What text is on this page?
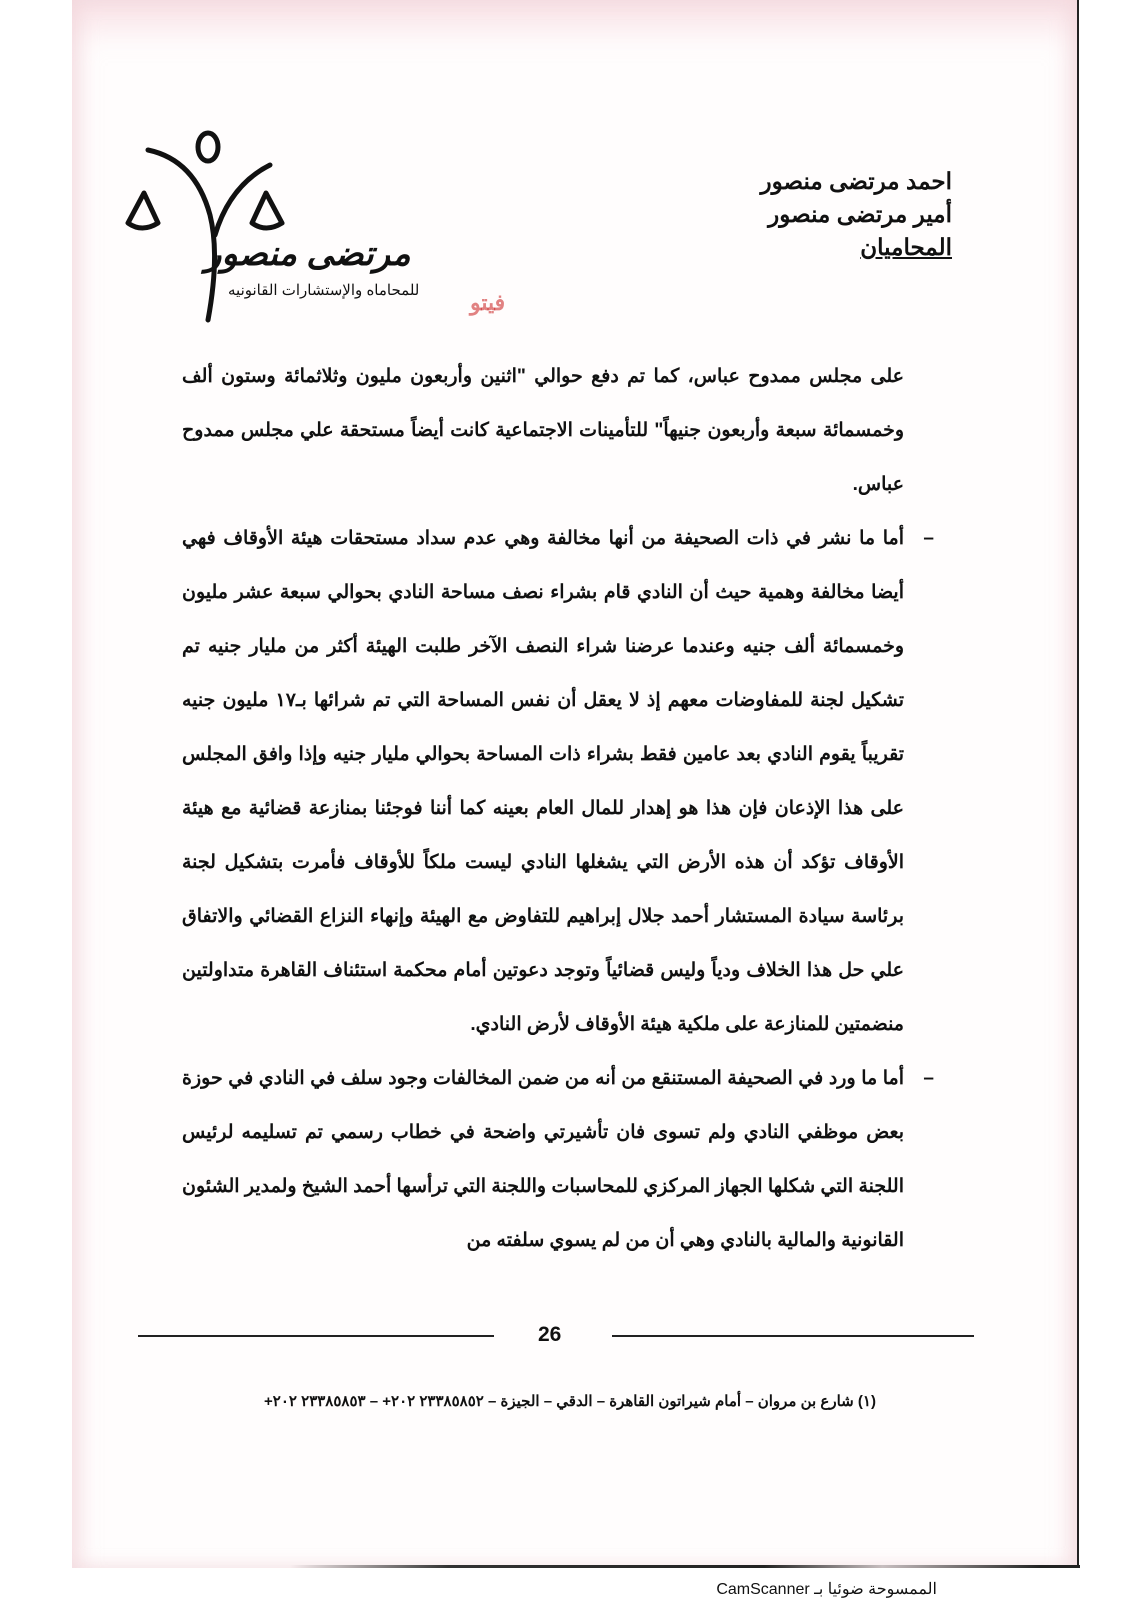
مرتضى منصور
للمحاماه والإستشارات القانونيه فيتو
احمد مرتضى منصور
أمير مرتضى منصور
المحاميان

على مجلس ممدوح عباس، كما تم دفع حوالي "اثنين وأربعون مليون وثلاثمائة وستون ألف وخمسمائة سبعة وأربعون جنيهاً" للتأمينات الاجتماعية كانت أيضاً مستحقة علي مجلس ممدوح عباس.

–

أما ما نشر في ذات الصحيفة من أنها مخالفة وهي عدم سداد مستحقات هيئة الأوقاف فهي أيضا مخالفة وهمية حيث أن النادي قام بشراء نصف مساحة النادي بحوالي سبعة عشر مليون وخمسمائة ألف جنيه وعندما عرضنا شراء النصف الآخر طلبت الهيئة أكثر من مليار جنيه تم تشكيل لجنة للمفاوضات معهم إذ لا يعقل أن نفس المساحة التي تم شرائها بـ١٧ مليون جنيه تقريباً يقوم النادي بعد عامين فقط بشراء ذات المساحة بحوالي مليار جنيه وإذا وافق المجلس على هذا الإذعان فإن هذا هو إهدار للمال العام بعينه كما أننا فوجئنا بمنازعة قضائية مع هيئة الأوقاف تؤكد أن هذه الأرض التي يشغلها النادي ليست ملكاً للأوقاف فأمرت بتشكيل لجنة برئاسة سيادة المستشار أحمد جلال إبراهيم للتفاوض مع الهيئة وإنهاء النزاع القضائي والاتفاق علي حل هذا الخلاف ودياً وليس قضائياً وتوجد دعوتين أمام محكمة استئناف القاهرة متداولتين منضمتين للمنازعة على ملكية هيئة الأوقاف لأرض النادي.

–

أما ما ورد في الصحيفة المستنقع من أنه من ضمن المخالفات وجود سلف في النادي في حوزة بعض موظفي النادي ولم تسوى فان تأشيرتي واضحة في خطاب رسمي تم تسليمه لرئيس اللجنة التي شكلها الجهاز المركزي للمحاسبات واللجنة التي ترأسها أحمد الشيخ ولمدير الشئون القانونية والمالية بالنادي وهي أن من لم يسوي سلفته من

26
(١) شارع بن مروان – أمام شيراتون القاهرة – الدقي – الجيزة – ٢٣٣٨٥٨٥٢ ٢٠٢+ – ٢٣٣٨٥٨٥٣ ٢٠٢+
الممسوحة ضوئيا بـ CamScanner
